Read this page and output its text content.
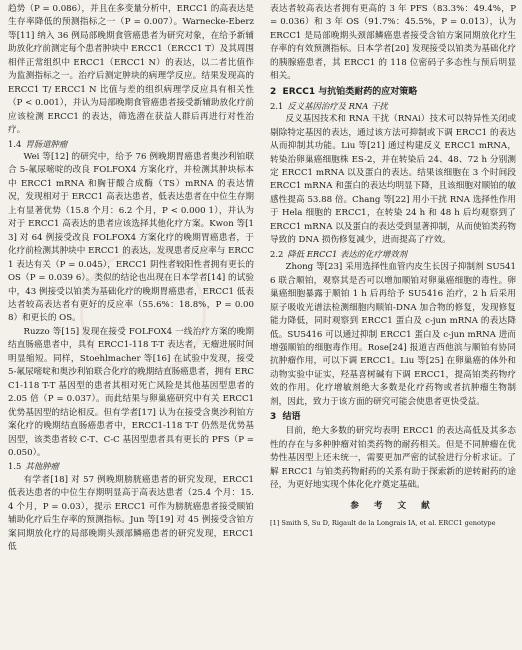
趋势（P = 0.086），并且在多变量分析中，ERCC1 的高表达是生存率降低的预测指标之一（P = 0.007）。Warnecke-Eberz 等[11] 纳入 36 例局部晚期食管癌患者为研究对象，在给予新辅助放化疗前测定每个患者肿块中 ERCC1（ERCC1 T）及其周围相伴正常组织中 ERCC1（ERCC1 N）的表达，以二者比值作为监测指标之一。治疗后测定肿块的病理学反应。结果发现高的 ERCC1 T/ ERCC1 N 比值与差的组织病理学反应具有相关性（P < 0.001），并认为局部晚期食管癌患者接受新辅助放化疗前应该检测 ERCC1 的表达，筛选潜在获益人群后再进行对性治疗。

1.4 胃肠道肿瘤

Wei 等[12] 的研究中，给予 76 例晚期胃癌患者奥沙利铂联合 5-氟尿嘧啶的改良 FOLFOX4 方案化疗，并检测其肿块标本中 ERCC1 mRNA 和胸苷酸合成酶（TS）mRNA 的表达情况，发现相对于 ERCC1 高表达患者，低表达患者在中位生存期上有显著优势（15.8 个月：6.2 个月，P < 0.000 1），并认为对于 ERCC1 高表达的患者应该选择其他化疗方案。Kwon 等[13] 对 64 例接受改良 FOLFOX4 方案化疗的晚期胃癌患者，于化疗前检测其肿块中 ERCC1 的表达，发现患者反应率与 ERCC1 表达有关（P = 0.045），ERCC1 阴性者较阳性者拥有更长的 OS（P = 0.039 6）。类似的结论也出现在日本学者[14] 的试验中，43 例接受以铂类为基础化疗的晚期胃癌患者，ERCC1 低表达者较高表达者有更好的反应率（55.6%：18.8%，P = 0.008）和更长的 OS。

Ruzzo 等[15] 发现在接受 FOLFOX4 一线治疗方案的晚期结直肠癌患者中，具有 ERCC1-118 T-T 表达者，无瘤进展时间明显缩短。同样，Stoehlmacher 等[16] 在试验中发现，接受 5-氟尿嘧啶和奥沙利铂联合化疗的晚期结直肠癌患者，拥有 ERCC1-118 T-T 基因型的患者其相对死亡风险是其他基因型患者的 2.05 倍（P = 0.037）。而此结果与卵巢癌研究中有关 ERCC1 优势基因型的结论相反。但有学者[17] 认为在接受含奥沙利铂方案化疗的晚期结直肠癌患者中，ERCC1-118 T-T 仍然是优势基因型，该类患者较 C-T、C-C 基因型患者具有更长的 PFS（P = 0.050）。

1.5 其他肿瘤

有学者[18] 对 57 例晚期膀胱癌患者的研究发现，ERCC1 低表达患者的中位生存期明显高于高表达患者（25.4 个月：15.4 个月，P = 0.03），提示 ERCC1 可作为膀胱癌患者接受顺铂辅助化疗后生存率的预测指标。Jun 等[19] 对 45 例接受含铂方案同期放化疗的局部晚期头颈部鳞癌患者的研究发现，ERCC1 低

表达者较高表达者拥有更高的 3 年 PFS（83.3%：49.4%，P = 0.036）和 3 年 OS（91.7%：45.5%，P = 0.013），认为 ERCC1 是局部晚期头颈部鳞癌患者接受含铂方案同期放化疗生存率的有效预测指标。日本学者[20] 发现接受以铂类为基础化疗的胰腺癌患者，其 ERCC1 的 118 位密码子多态性与预后明显相关。

2 ERCC1 与抗铂类耐药的应对策略
2.1 反义基因治疗及 RNA 干扰

反义基因技术和 RNA 干扰（RNAi）技术可以特异性关闭或剔除特定基因的表达，通过该方法可抑制或下调 ERCC1 的表达从而抑制其功能。Liu 等[21] 通过构建反义 ERCC1 mRNA，转染治卵巢癌细胞株 ES-2，并在转染后 24、48、72 h 分别测定 ERCC1 mRNA 以及蛋白的表达。结果该细胞在 3 个时间段 ERCC1 mRNA 和蛋白的表达均明显下降，且该细胞对顺铂的敏感性提高 53.88 倍。Chang 等[22] 用小干扰 RNA 选择性作用于 Hela 细胞的 ERCC1，在转染 24 h 和 48 h 后均观察到了 ERCC1 mRNA 以及蛋白的表达受到显著抑制，从而使铂类药物导致的 DNA 损伤修复减少，进而提高了疗效。

2.2 降低 ERCC1 表达的化疗增效剂

Zhong 等[23] 采用选择性血管内皮生长因子抑制剂 SU5416 联合顺铂，观察其是否可以增加顺铂对卵巢癌细胞的毒性。卵巢癌细胞暴露于顺铂 1 h 后再给予 SU5416 治疗，2 h 后采用原子吸收光谱法检测细胞内顺铂-DNA 加合物的修复，发现修复能力降低，同时观察到 ERCC1 蛋白及 c-jun mRNA 的表达降低。SU5416 可以通过抑制 ERCC1 蛋白及 c-jun mRNA 进而增强顺铂的细胞毒作用。Rose[24] 报道吉西他滨与顺铂有协同抗肿瘤作用，可以下调 ERCC1。Liu 等[25] 在卵巢癌的体外和动物实验中证实，羟基喜树碱有下调 ERCC1，提高铂类药物疗效的作用。化疗增敏剂绝大多数是化疗药物或者抗肿瘤生物制剂，因此，致力于该方面的研究可能会使患者更快受益。

3 结语

目前，绝大多数的研究均表明 ERCC1 的表达高低及其多态性的存在与多种肿瘤对铂类药物的耐药相关。但是不同肿瘤在优势性基因型上还未统一，需要更加严密的试验进行分析求证。了解 ERCC1 与铂类药物耐药的关系有助于探索新的逆转耐药的途径，为更好地实现个体化化疗奠定基础。

参 考 文 献

[1] Smith S, Su D, Rigault de la Longrais IA, et al. ERCC1 genotype
